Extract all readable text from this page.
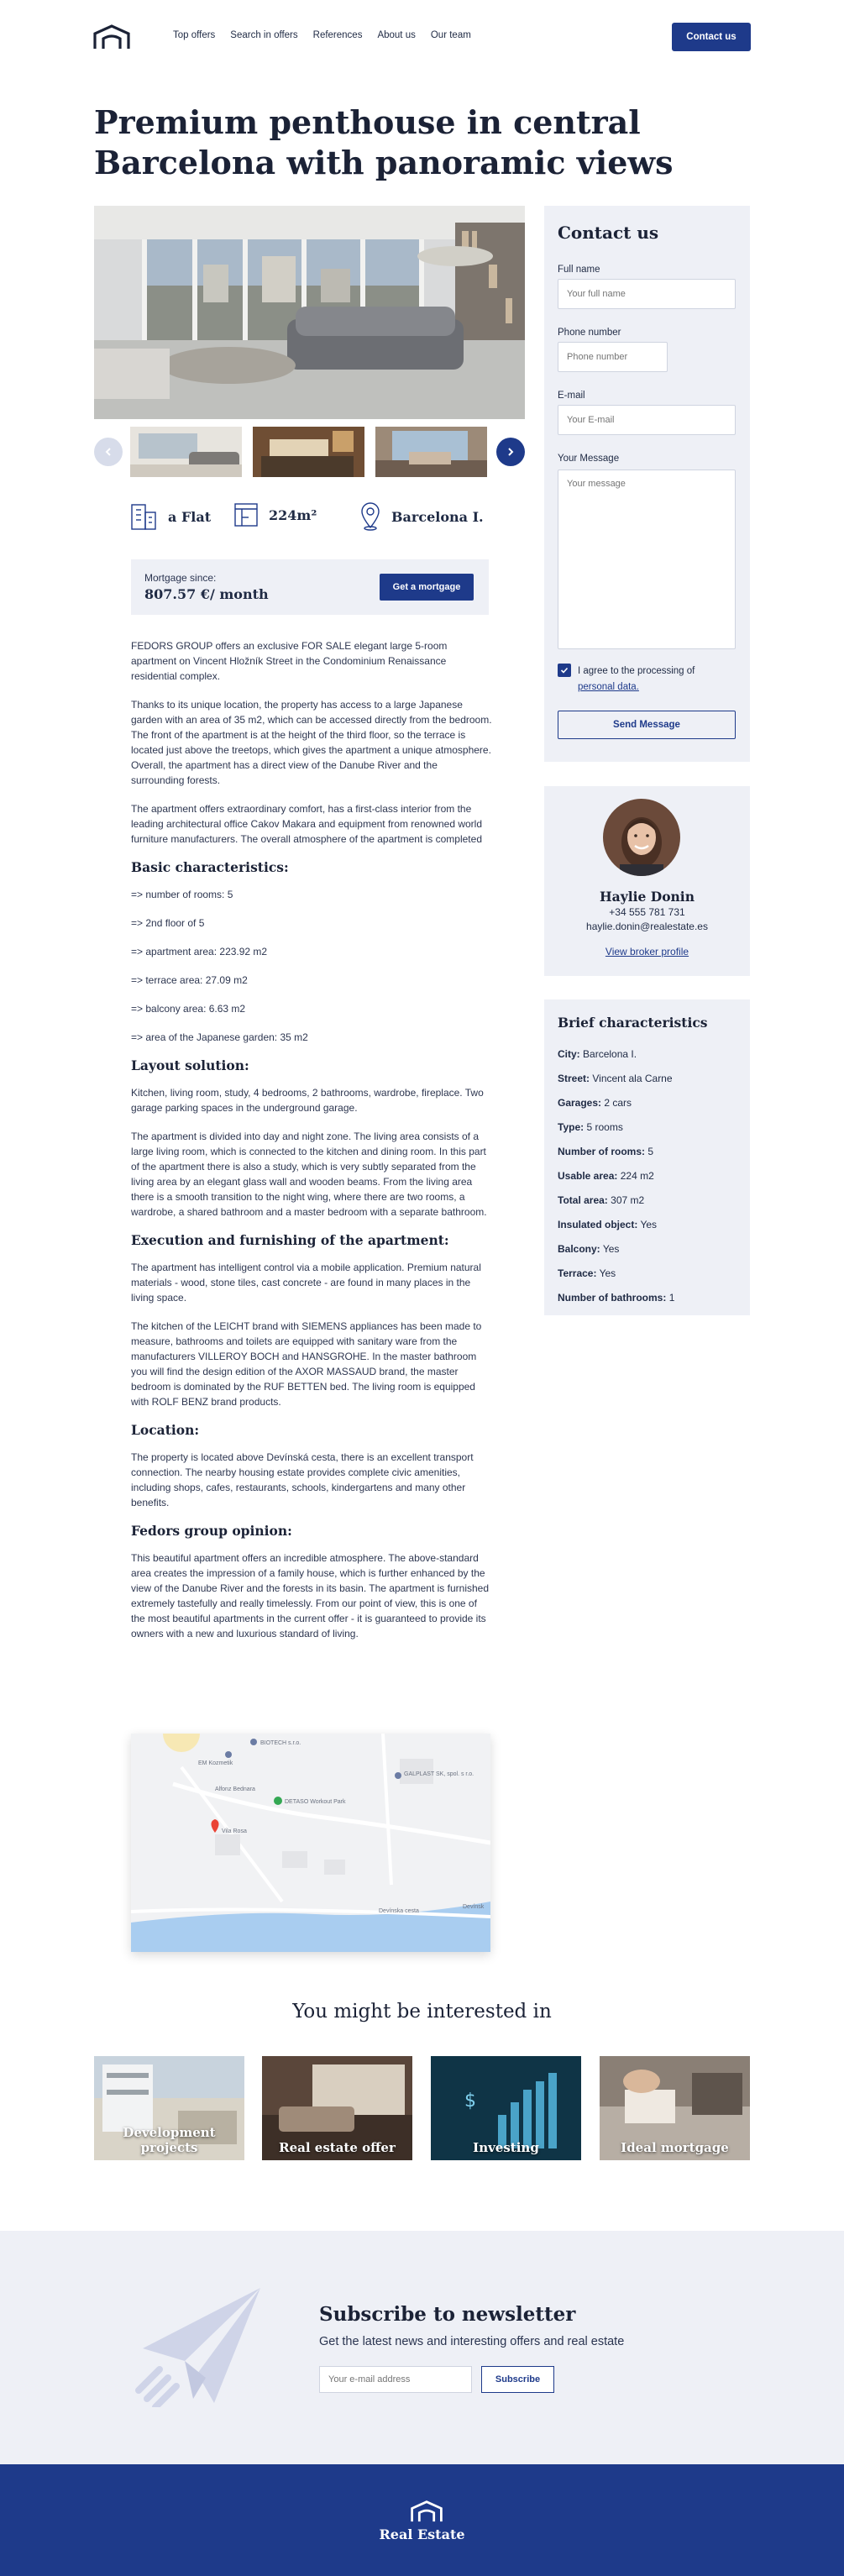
Top offers Search in offers References About us Our team	Contact us
Premium penthouse in central Barcelona with panoramic views
a Flat	224m²	Barcelona I.
Mortgage since:
807.57 €/ month	Get a mortgage

FEDORS GROUP offers an exclusive FOR SALE elegant large 5-room apartment on Vincent Hložník Street in the Condominium Renaissance residential complex.

Thanks to its unique location, the property has access to a large Japanese garden with an area of 35 m2, which can be accessed directly from the bedroom. The front of the apartment is at the height of the third floor, so the terrace is located just above the treetops, which gives the apartment a unique atmosphere. Overall, the apartment has a direct view of the Danube River and the surrounding forests.

The apartment offers extraordinary comfort, has a first-class interior from the leading architectural office Cakov Makara and equipment from renowned world furniture manufacturers. The overall atmosphere of the apartment is completed

Basic characteristics:
=> number of rooms: 5
=> 2nd floor of 5
=> apartment area: 223.92 m2
=> terrace area: 27.09 m2
=> balcony area: 6.63 m2
=> area of the Japanese garden: 35 m2
Layout solution:

Kitchen, living room, study, 4 bedrooms, 2 bathrooms, wardrobe, fireplace. Two garage parking spaces in the underground garage.

The apartment is divided into day and night zone. The living area consists of a large living room, which is connected to the kitchen and dining room. In this part of the apartment there is also a study, which is very subtly separated from the living area by an elegant glass wall and wooden beams. From the living area there is a smooth transition to the night wing, where there are two rooms, a wardrobe, a shared bathroom and a master bedroom with a separate bathroom.

Execution and furnishing of the apartment:

The apartment has intelligent control via a mobile application. Premium natural materials - wood, stone tiles, cast concrete - are found in many places in the living space.

The kitchen of the LEICHT brand with SIEMENS appliances has been made to measure, bathrooms and toilets are equipped with sanitary ware from the manufacturers VILLEROY BOCH and HANSGROHE. In the master bathroom you will find the design edition of the AXOR MASSAUD brand, the master bedroom is dominated by the RUF BETTEN bed. The living room is equipped with ROLF BENZ brand products.

Location:

The property is located above Devínská cesta, there is an excellent transport connection. The nearby housing estate provides complete civic amenities, including shops, cafes, restaurants, schools, kindergartens and many other benefits.

Fedors group opinion:

This beautiful apartment offers an incredible atmosphere. The above-standard area creates the impression of a family house, which is further enhanced by the view of the Danube River and the forests in its basin. The apartment is furnished extremely tastefully and really timelessly. From our point of view, this is one of the most beautiful apartments in the current offer - it is guaranteed to provide its owners with a new and luxurious standard of living.

BIOTECH s.r.o.
EM Kozmetik
DETASO Workout Park
GALPLAST SK, spol. s r.o.
Vila Rosa
Alfonz Bednara
Devínska cesta
Devínsk
Contact us
Full name
Your full name
Phone number
Phone number
E-mail
Your E-mail
Your Message
Your message
I agree to the processing of
personal data.
Send Message
Haylie Donin
+34 555 781 731
haylie.donin@realestate.es
View broker profile
Brief characteristics
City: Barcelona I.
Street: Vincent ala Carne
Garages: 2 cars
Type: 5 rooms
Number of rooms: 5
Usable area: 224 m2
Total area: 307 m2
Insulated object: Yes
Balcony: Yes
Terrace: Yes
Number of bathrooms: 1
You might be interested in
Development projects	Real estate offer
$
Investing	Ideal mortgage
Subscribe to newsletter
Get the latest news and interesting offers and real estate
Your e-mail address
Subscribe
Real Estate
